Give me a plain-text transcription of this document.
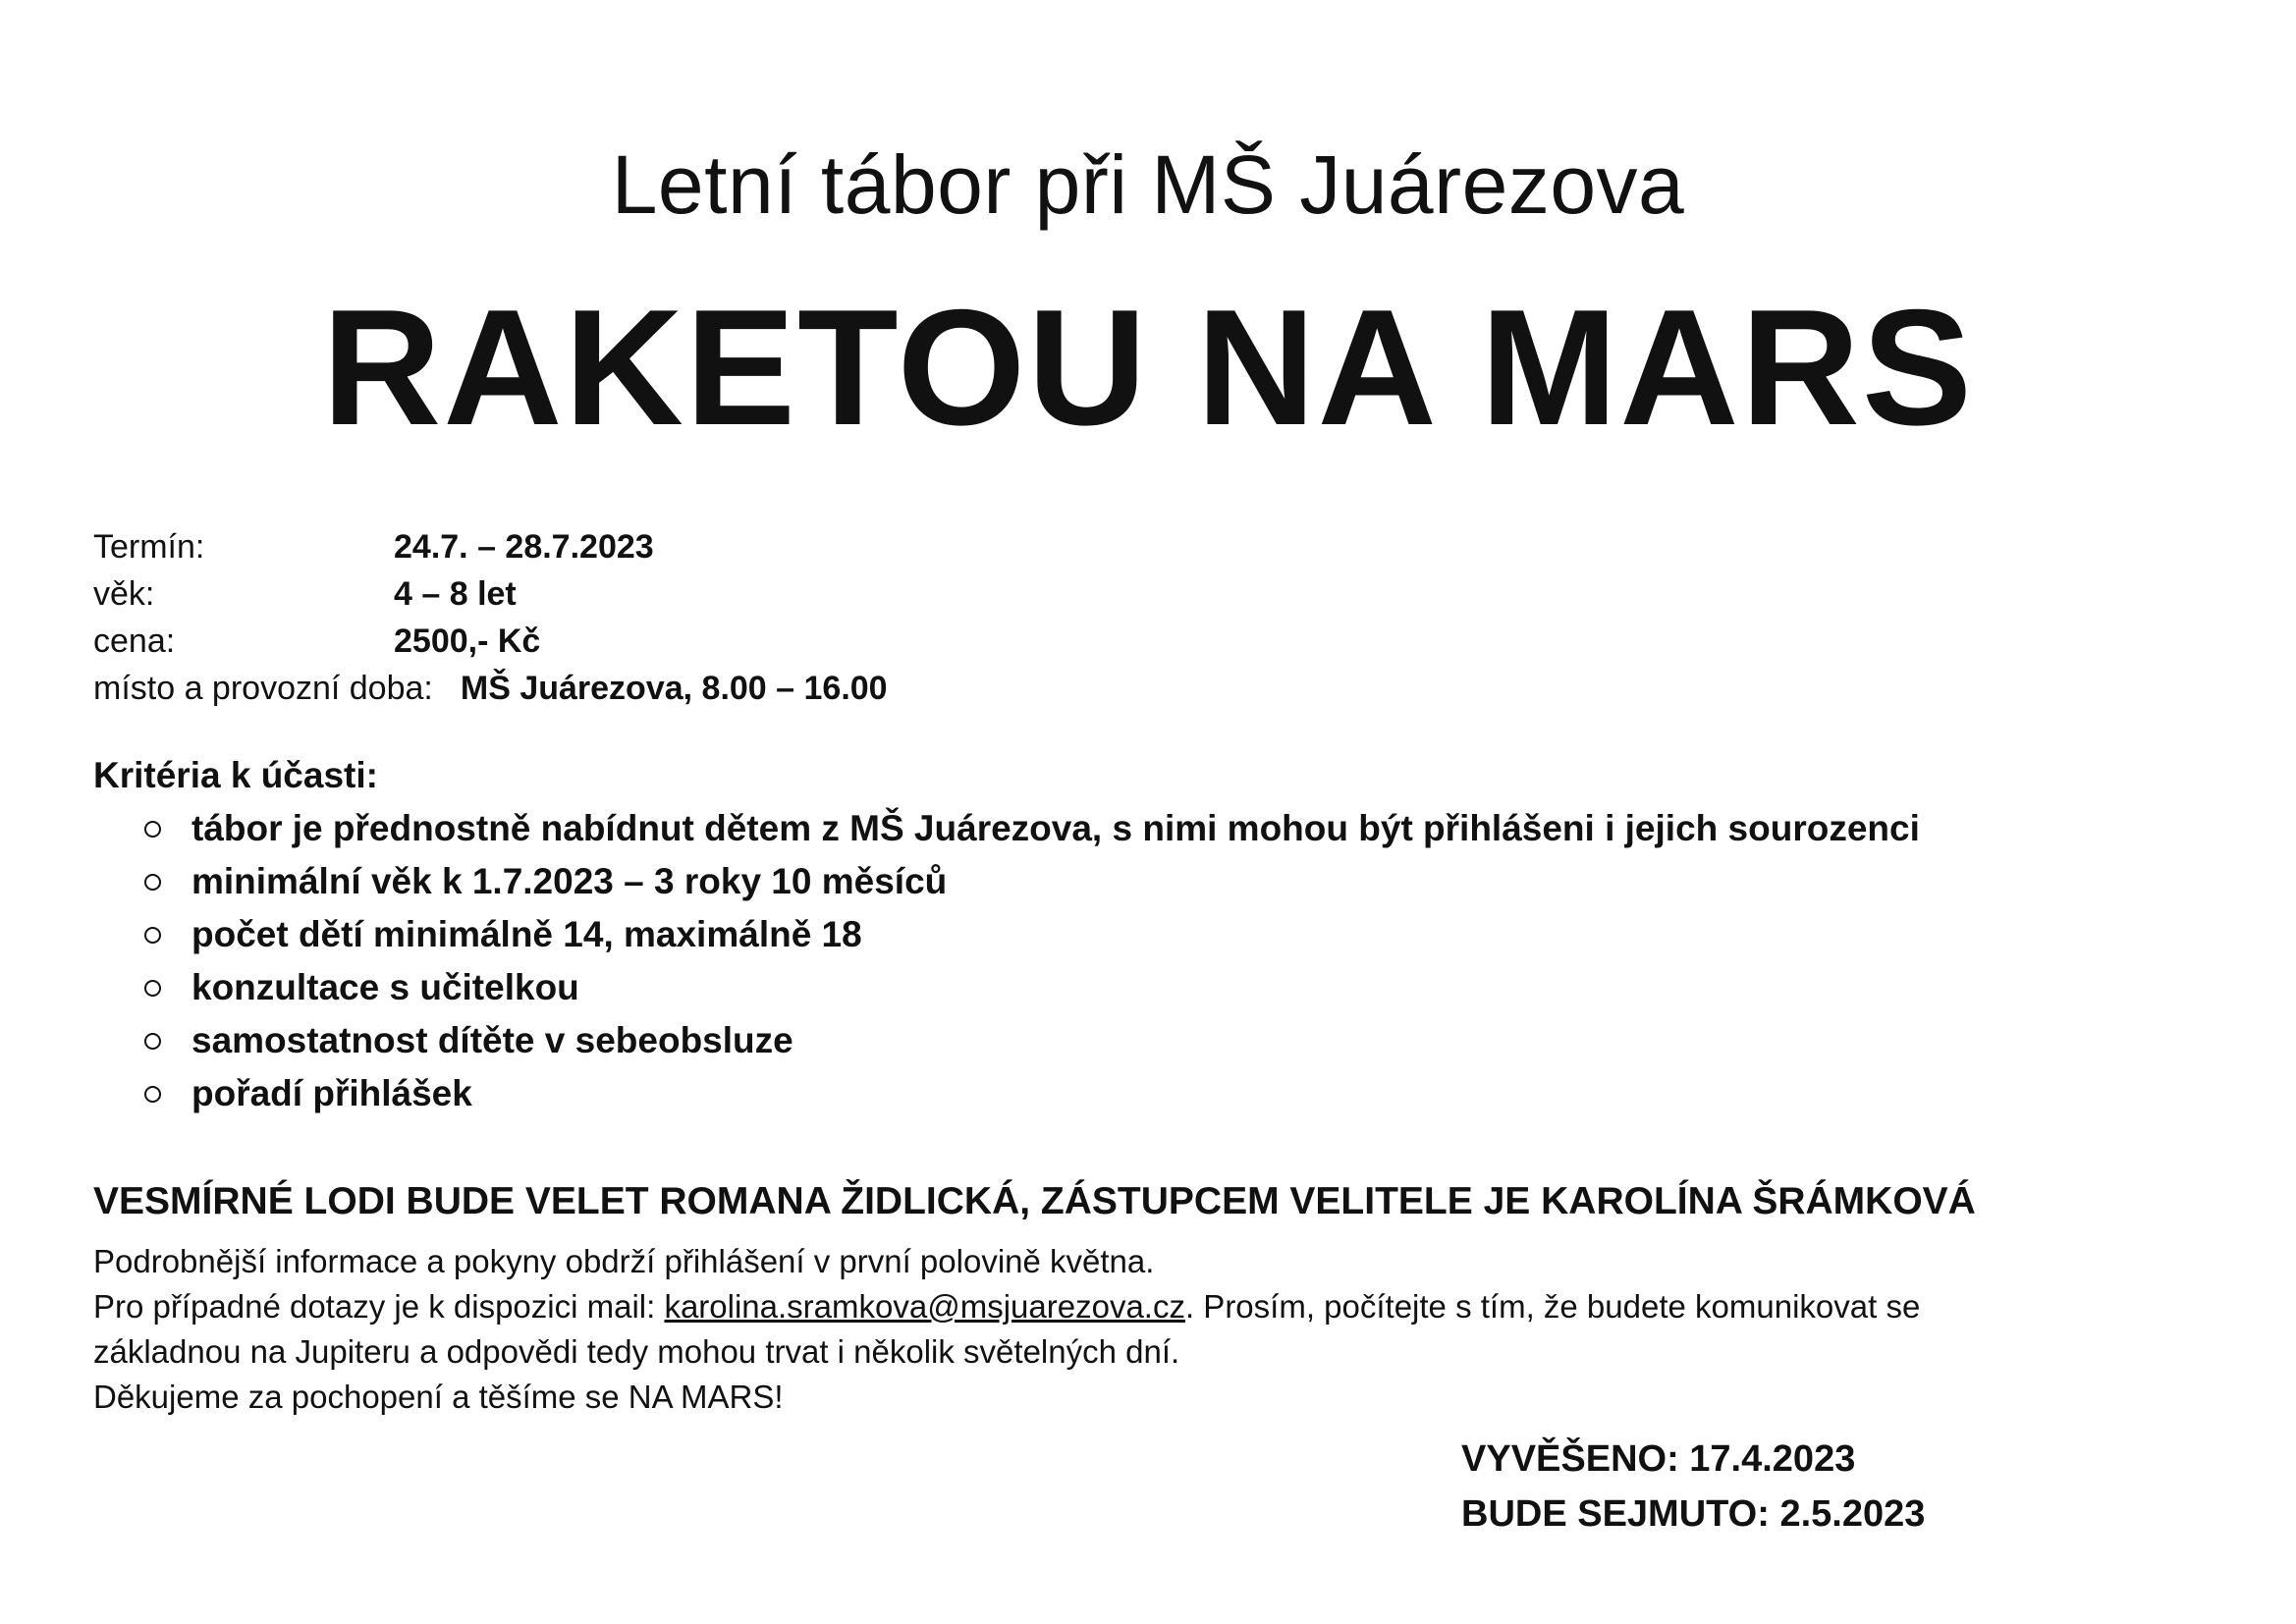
Letní tábor při MŠ Juárezova
RAKETOU NA MARS
Termín:	24.7. – 28.7.2023
věk:	4 – 8 let
cena:	2500,- Kč
místo a provozní doba: MŠ Juárezova, 8.00 – 16.00

Kritéria k účasti:

tábor je přednostně nabídnut dětem z MŠ Juárezova, s nimi mohou být přihlášeni i jejich sourozenci
minimální věk k 1.7.2023 – 3 roky 10 měsíců
počet dětí minimálně 14, maximálně 18
konzultace s učitelkou
samostatnost dítěte v sebeobsluze
pořadí přihlášek

VESMÍRNÉ LODI BUDE VELET ROMANA ŽIDLICKÁ, ZÁSTUPCEM VELITELE JE KAROLÍNA ŠRÁMKOVÁ

Podrobnější informace a pokyny obdrží přihlášení v první polovině května.

Pro případné dotazy je k dispozici mail: karolina.sramkova@msjuarezova.cz. Prosím, počítejte s tím, že budete komunikovat se

základnou na Jupiteru a odpovědi tedy mohou trvat i několik světelných dní.

Děkujeme za pochopení a těšíme se NA MARS!

VYVĚŠENO: 17.4.2023
BUDE SEJMUTO: 2.5.2023
